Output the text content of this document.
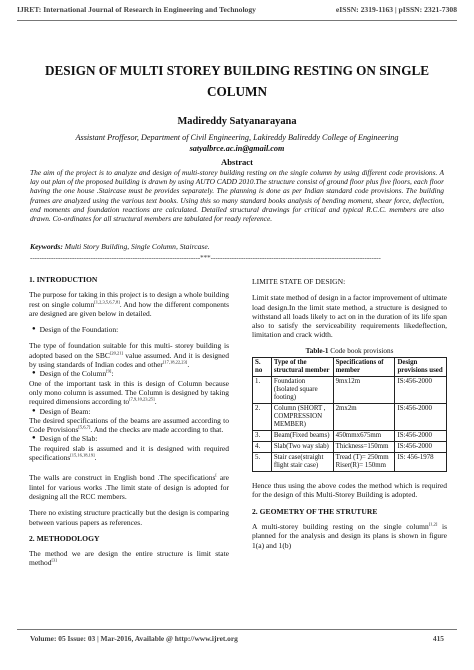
IJRET: International Journal of Research in Engineering and Technology	eISSN: 2319-1163 | pISSN: 2321-7308
DESIGN OF MULTI STOREY BUILDING RESTING ON SINGLE
COLUMN
Madireddy Satyanarayana
Assistant Proffesor, Department of Civil Engineering, Lakireddy Balireddy College of Engineering
satyalbrce.ac.in@gmail.com
Abstract
The aim of the project is to analyze and design of multi-storey building resting on the single column by using different code provisions. A lay out plan of the proposed building is drawn by using AUTO CADD 2010.The structure consist of ground floor plus five floors, each floor having the one house .Staircase must be provides separately. The planning is done as per Indian standard code provisions. The building frames are analyzed using the various text books. Using this so many standard books analysis of bending moment, shear force, deflection, end moments and foundation reactions are calculated. Detailed structural drawings for critical and typical R.C.C. members are also drawn. Co-ordinates for all structural members are tabulated for ready reference.
Keywords: Multi Story Building, Single Column, Staircase.
-------------------------------------------------------------------------***-------------------------------------------------------------------------
1. INTRODUCTION
The purpose for taking in this project is to design a whole building rest on single column[1,2,3,5,6,7,8]. And how the different components are designed are given below in detailed.
● Design of the Foundation:
The type of foundation suitable for this multi- storey building is adopted based on the SBC[20,21] value assumed. And it is designed by using standards of Indian codes and other[17,18,22,23].
● Design of the Column[9]:
One of the important task in this is design of Column because only mono column is assumed. The Column is designed by taking required dimensions according to[7,9,10,23,25].
● Design of Beam:
The desired specifications of the beams are assumed according to Code Provisions[5,6,7]. And the checks are made according to that.
● Design of the Slab:
The required slab is assumed and it is designed with required specifications[15,16,18,19].
The walls are construct in English bond .The specifications[ are lintel for various works .The limit state of design is adopted for designing all the RCC members.
There no existing structure practically but the design is comparing between various papers as references.
2. METHODOLOGY
The method we are design the entire structure is limit state method[3]
LIMITE STATE OF DESIGN:
Limit state method of design in a factor improvement of ultimate load design.In the limit state method, a structure is designed to withstand all loads likely to act on in the duration of its life span also to satisfy the serviceability requirements likedeflection, limitation and crack width.
Table-1 Code book provisions
S. no	Type of the structural member	Specifications of member	Design provisions used
1.	Foundation (Isolated square footing)	9mx12m	IS:456-2000
2.	Column (SHORT , COMPRESSION MEMBER)	2mx2m	IS:456-2000
3.	Beam(Fixed beams)	450mmx675mm	IS:456-2000
4.	Slab(Two way slab)	Thickness=150mm	IS:456-2000
5.	Stair case(straight flight stair case)	Tread (T)= 250mm Riser(R)= 150mm	IS: 456-1978
Hence thus using the above codes the method which is required for the design of this Multi-Storey Building is adopted.
2. GEOMETRY OF THE STRUTURE
A multi-storey building resting on the single column[1,2] is planned for the analysis and design its plans is shown in figure 1(a) and 1(b)
Volume: 05 Issue: 03 | Mar-2016, Available @ http://www.ijret.org	415
